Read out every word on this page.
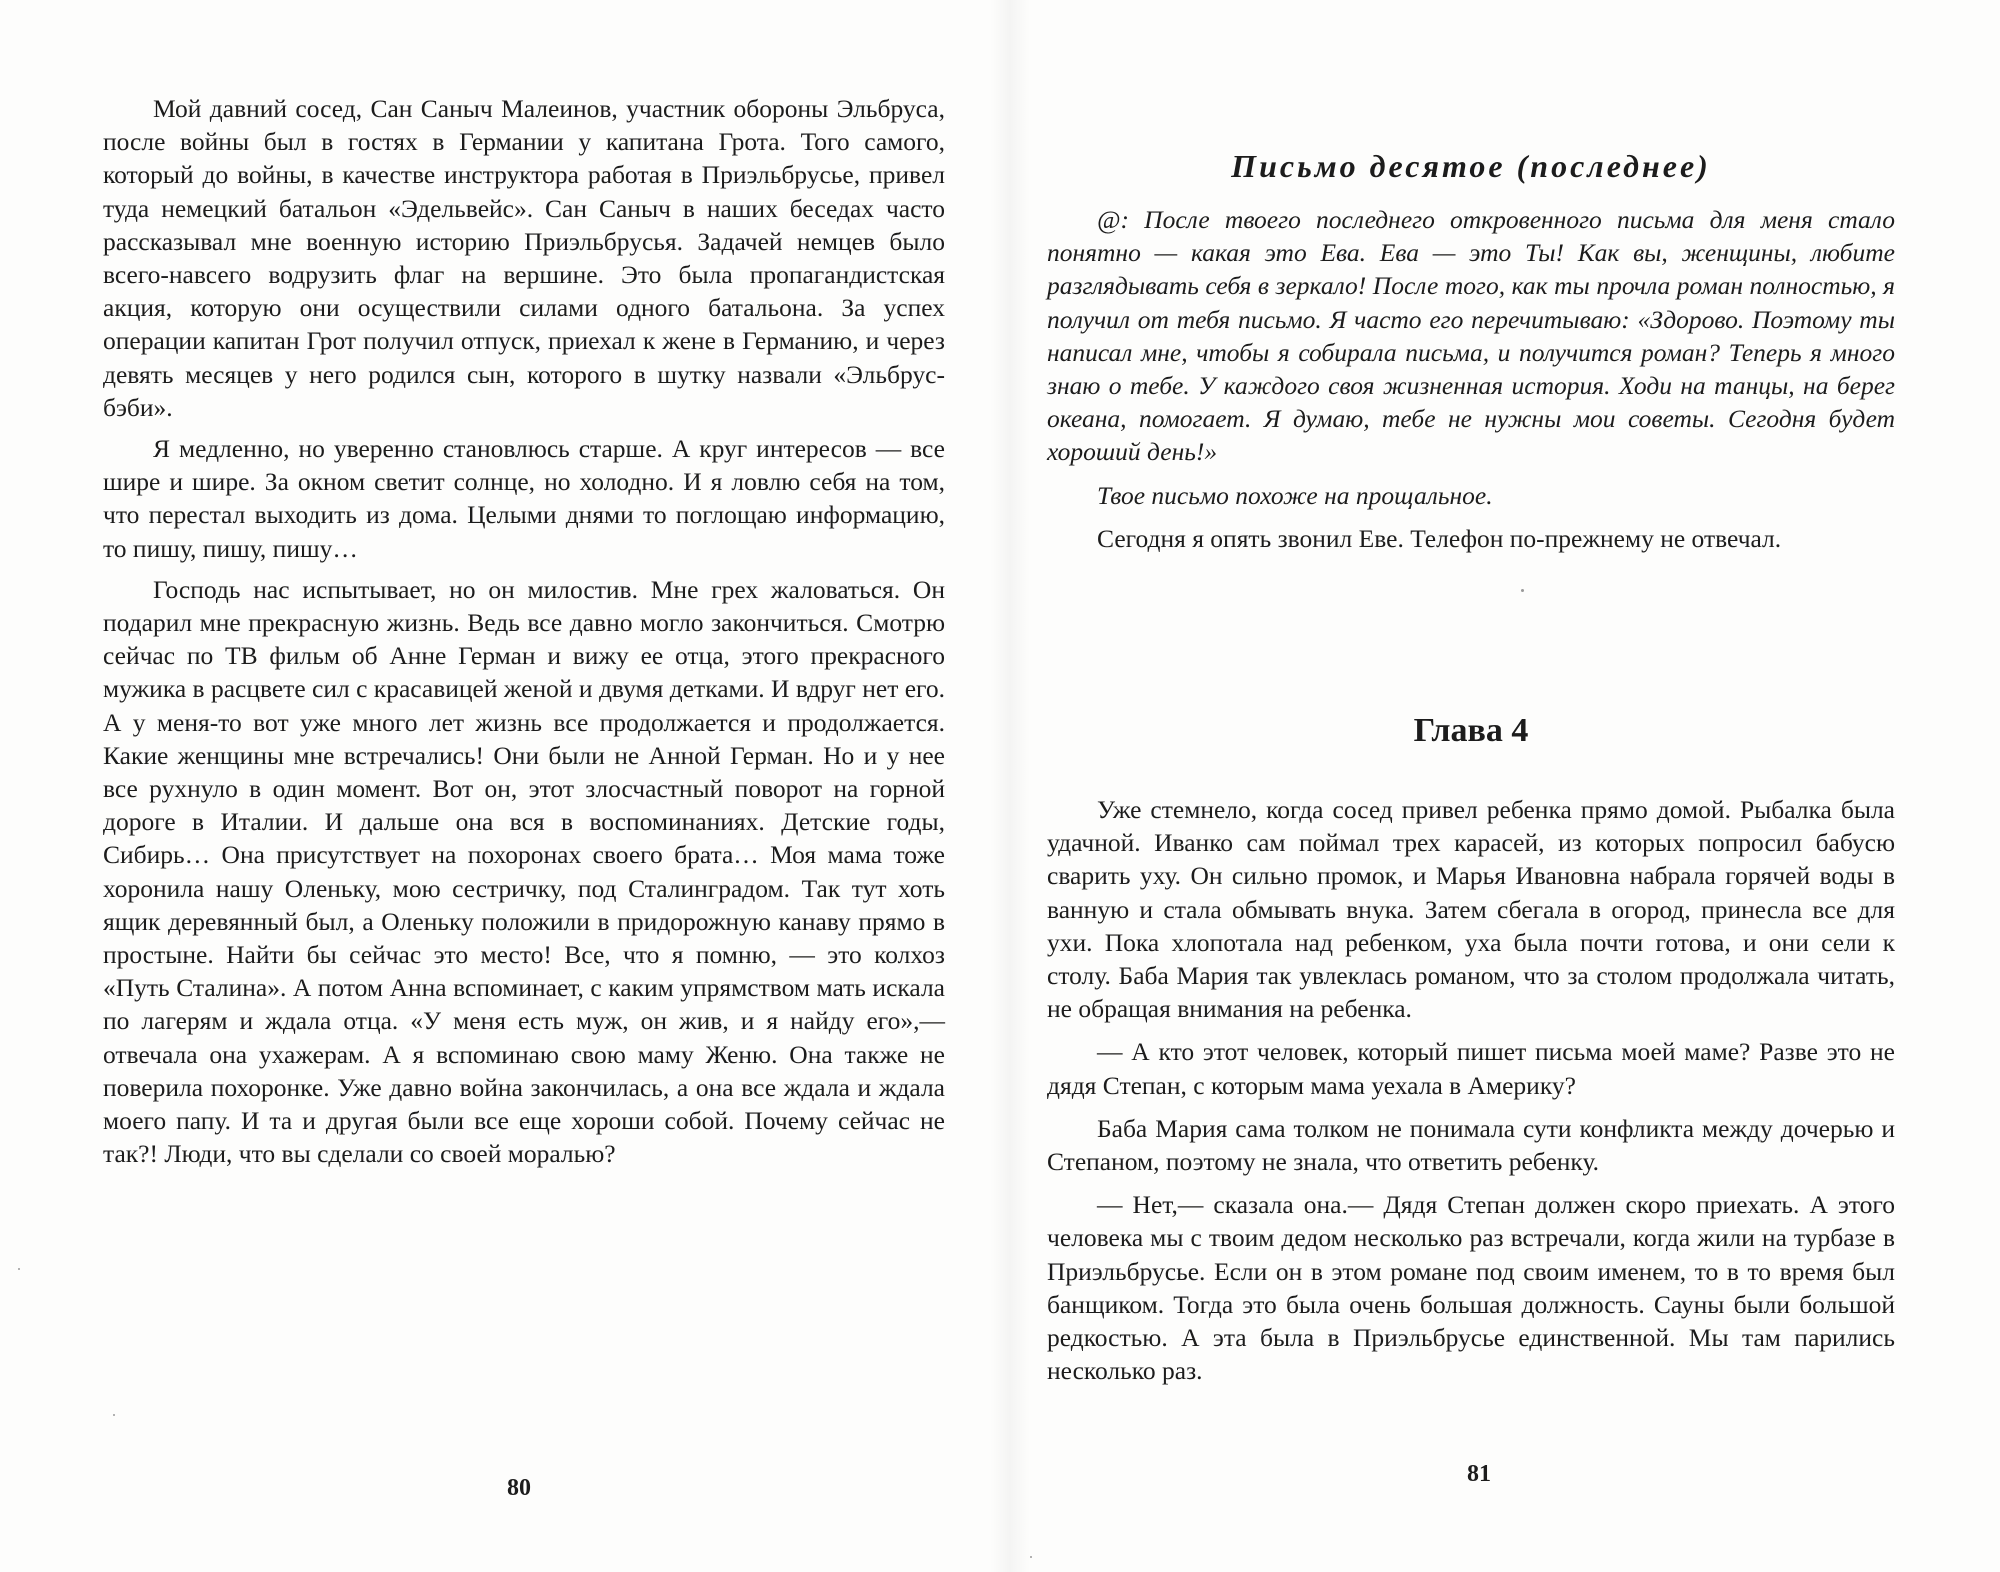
Мой давний сосед, Сан Саныч Малеинов, участник обороны Эльбруса, после войны был в гостях в Германии у капитана Грота. Того самого, который до войны, в качестве инструктора работая в Приэльбрусье, привел туда немецкий батальон «Эдельвейс». Сан Саныч в наших беседах часто рассказывал мне военную историю Приэльбрусья. Задачей немцев было всего-навсего водрузить флаг на вершине. Это была пропагандистская акция, которую они осуществили силами одного батальона. За успех операции капитан Грот получил отпуск, приехал к жене в Германию, и через девять месяцев у него родился сын, которого в шутку назвали «Эльбрус-бэби».

Я медленно, но уверенно становлюсь старше. А круг интересов — все шире и шире. За окном светит солнце, но холодно. И я ловлю себя на том, что перестал выходить из дома. Целыми днями то поглощаю информацию, то пишу, пишу, пишу…

Господь нас испытывает, но он милостив. Мне грех жаловаться. Он подарил мне прекрасную жизнь. Ведь все давно могло закончиться. Смотрю сейчас по ТВ фильм об Анне Герман и вижу ее отца, этого прекрасного мужика в расцвете сил с красавицей женой и двумя детками. И вдруг нет его. А у меня-то вот уже много лет жизнь все продолжается и продолжается. Какие женщины мне встречались! Они были не Анной Герман. Но и у нее все рухнуло в один момент. Вот он, этот злосчастный поворот на горной дороге в Италии. И дальше она вся в воспоминаниях. Детские годы, Сибирь… Она присутствует на похоронах своего брата… Моя мама тоже хоронила нашу Оленьку, мою сестричку, под Сталинградом. Так тут хоть ящик деревянный был, а Оленьку положили в придорожную канаву прямо в простыне. Найти бы сейчас это место! Все, что я помню, — это колхоз «Путь Сталина». А потом Анна вспоминает, с каким упрямством мать искала по лагерям и ждала отца. «У меня есть муж, он жив, и я найду его»,— отвечала она ухажерам. А я вспоминаю свою маму Женю. Она также не поверила похоронке. Уже давно война закончилась, а она все ждала и ждала моего папу. И та и другая были все еще хороши собой. Почему сейчас не так?! Люди, что вы сделали со своей моралью?

80

Письмо десятое (последнее)

@: После твоего последнего откровенного письма для меня стало понятно — какая это Ева. Ева — это Ты! Как вы, женщины, любите разглядывать себя в зеркало! После того, как ты прочла роман полностью, я получил от тебя письмо. Я часто его перечитываю: «Здорово. Поэтому ты написал мне, чтобы я собирала письма, и получится роман? Теперь я много знаю о тебе. У каждого своя жизненная история. Ходи на танцы, на берег океана, помогает. Я думаю, тебе не нужны мои советы. Сегодня будет хороший день!»

Твое письмо похоже на прощальное.

Сегодня я опять звонил Еве. Телефон по-прежнему не отвечал.

Глава 4

Уже стемнело, когда сосед привел ребенка прямо домой. Рыбалка была удачной. Иванко сам поймал трех карасей, из которых попросил бабусю сварить уху. Он сильно промок, и Марья Ивановна набрала горячей воды в ванную и стала обмывать внука. Затем сбегала в огород, принесла все для ухи. Пока хлопотала над ребенком, уха была почти готова, и они сели к столу. Баба Мария так увлеклась романом, что за столом продолжала читать, не обращая внимания на ребенка.

— А кто этот человек, который пишет письма моей маме? Разве это не дядя Степан, с которым мама уехала в Америку?

Баба Мария сама толком не понимала сути конфликта между дочерью и Степаном, поэтому не знала, что ответить ребенку.

— Нет,— сказала она.— Дядя Степан должен скоро приехать. А этого человека мы с твоим дедом несколько раз встречали, когда жили на турбазе в Приэльбрусье. Если он в этом романе под своим именем, то в то время был банщиком. Тогда это была очень большая должность. Сауны были большой редкостью. А эта была в Приэльбрусье единственной. Мы там парились несколько раз.

81
